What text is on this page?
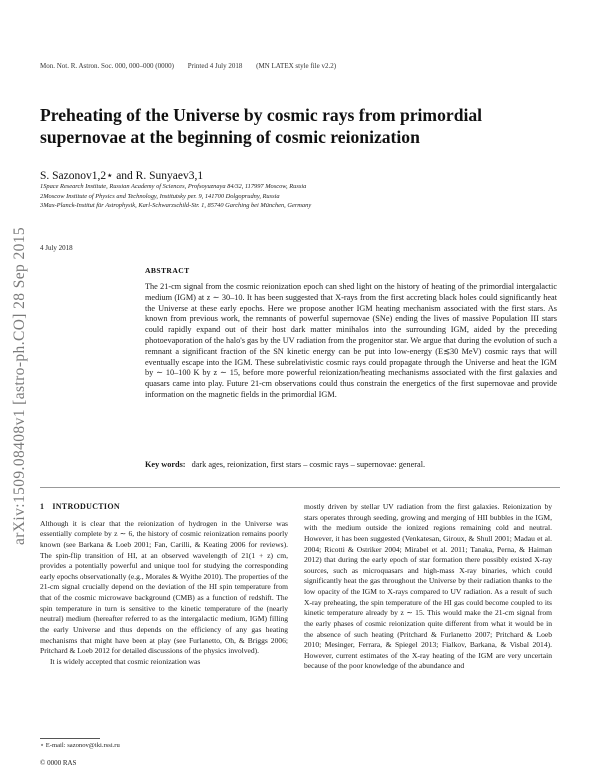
arXiv:1509.08408v1 [astro-ph.CO] 28 Sep 2015
Mon. Not. R. Astron. Soc. 000, 000–000 (0000) Printed 4 July 2018 (MN LATEX style file v2.2)
Preheating of the Universe by cosmic rays from primordial
supernovae at the beginning of cosmic reionization
S. Sazonov1,2⋆ and R. Sunyaev3,1
1Space Research Institute, Russian Academy of Sciences, Profsoyuznaya 84/32, 117997 Moscow, Russia
2Moscow Institute of Physics and Technology, Institutsky per. 9, 141700 Dolgoprudny, Russia
3Max-Planck-Institut für Astrophysik, Karl-Schwarzschild-Str. 1, 85740 Garching bei München, Germany
4 July 2018
ABSTRACT
The 21-cm signal from the cosmic reionization epoch can shed light on the history of heating of the primordial intergalactic medium (IGM) at z ∼ 30–10. It has been suggested that X-rays from the first accreting black holes could significantly heat the Universe at these early epochs. Here we propose another IGM heating mechanism associated with the first stars. As known from previous work, the remnants of powerful supernovae (SNe) ending the lives of massive Population III stars could rapidly expand out of their host dark matter minihalos into the surrounding IGM, aided by the preceding photoevaporation of the halo's gas by the UV radiation from the progenitor star. We argue that during the evolution of such a remnant a significant fraction of the SN kinetic energy can be put into low-energy (E≲30 MeV) cosmic rays that will eventually escape into the IGM. These subrelativistic cosmic rays could propagate through the Universe and heat the IGM by ∼ 10–100 K by z ∼ 15, before more powerful reionization/heating mechanisms associated with the first galaxies and quasars came into play. Future 21-cm observations could thus constrain the energetics of the first supernovae and provide information on the magnetic fields in the primordial IGM.
Key words: dark ages, reionization, first stars – cosmic rays – supernovae: general.
1 INTRODUCTION

Although it is clear that the reionization of hydrogen in the Universe was essentially complete by z ∼ 6, the history of cosmic reionization remains poorly known (see Barkana & Loeb 2001; Fan, Carilli, & Keating 2006 for reviews). The spin-flip transition of HI, at an observed wavelength of 21(1 + z) cm, provides a potentially powerful and unique tool for studying the corresponding early epochs observationally (e.g., Morales & Wyithe 2010). The properties of the 21-cm signal crucially depend on the deviation of the HI spin temperature from that of the cosmic microwave background (CMB) as a function of redshift. The spin temperature in turn is sensitive to the kinetic temperature of the (nearly neutral) medium (hereafter referred to as the intergalactic medium, IGM) filling the early Universe and thus depends on the efficiency of any gas heating mechanisms that might have been at play (see Furlanetto, Oh, & Briggs 2006; Pritchard & Loeb 2012 for detailed discussions of the physics involved).

It is widely accepted that cosmic reionization was

mostly driven by stellar UV radiation from the first galaxies. Reionization by stars operates through seeding, growing and merging of HII bubbles in the IGM, with the medium outside the ionized regions remaining cold and neutral. However, it has been suggested (Venkatesan, Giroux, & Shull 2001; Madau et al. 2004; Ricotti & Ostriker 2004; Mirabel et al. 2011; Tanaka, Perna, & Haiman 2012) that during the early epoch of star formation there possibly existed X-ray sources, such as microquasars and high-mass X-ray binaries, which could significantly heat the gas throughout the Universe by their radiation thanks to the low opacity of the IGM to X-rays compared to UV radiation. As a result of such X-ray preheating, the spin temperature of the HI gas could become coupled to its kinetic temperature already by z ∼ 15. This would make the 21-cm signal from the early phases of cosmic reionization quite different from what it would be in the absence of such heating (Pritchard & Furlanetto 2007; Pritchard & Loeb 2010; Mesinger, Ferrara, & Spiegel 2013; Fialkov, Barkana, & Visbal 2014). However, current estimates of the X-ray heating of the IGM are very uncertain because of the poor knowledge of the abundance and

⋆ E-mail: sazonov@iki.rssi.ru
© 0000 RAS
